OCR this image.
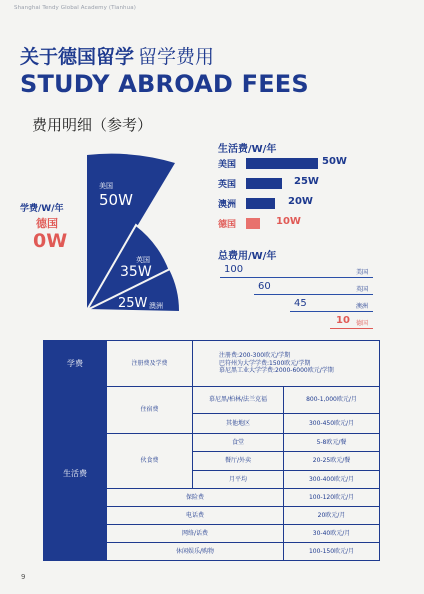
Shanghai Tendy Global Academy (Tianhua)
关于德国留学 留学费用
STUDY ABROAD FEES
费用明细（参考）
美国
50W
英国
35W
25W 澳洲
学费/W/年
德国
0W
生活费/W/年
美国	50W
英国	25W
澳洲	20W
德国	10W
总费用/W/年
100	美国
60	英国
45	澳洲
10 德国
学费	注册费及学费	注册费:200-300欧元/学期
巴符州为大学学费:1500欧元/学期
慕尼黑工业大学学费:2000-6000欧元/学期	

生活费	住宿费	慕尼黑/柏林/法兰克福	800-1,000欧元/月
		其他地区	300-450欧元/月
	伙食费	食堂	5-8欧元/餐
		餐厅/外卖	20-25欧元/餐
		月平均	300-400欧元/月
	保险费		100-120欧元/月
	电话费		20欧元/月
	网络/话费		30-40欧元/月
	休闲娱乐/购物		100-150欧元/月
9
